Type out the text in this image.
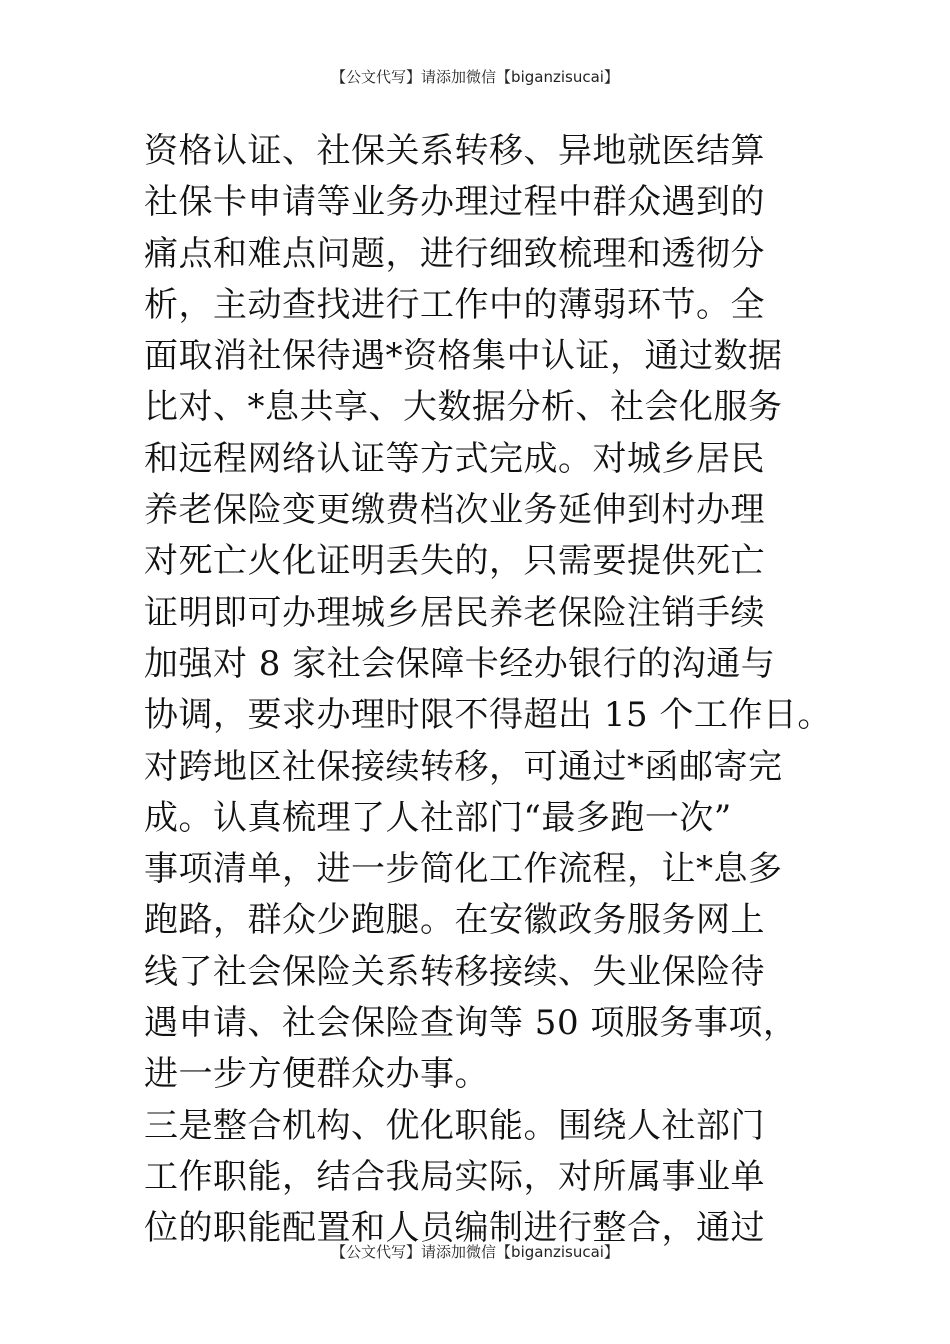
【公文代写】请添加微信【biganzisucai】
资格认证、社保关系转移、异地就医结算
社保卡申请等业务办理过程中群众遇到的
痛点和难点问题，进行细致梳理和透彻分
析，主动查找进行工作中的薄弱环节。全
面取消社保待遇*资格集中认证，通过数据
比对、*息共享、大数据分析、社会化服务
和远程网络认证等方式完成。对城乡居民
养老保险变更缴费档次业务延伸到村办理
对死亡火化证明丢失的，只需要提供死亡
证明即可办理城乡居民养老保险注销手续
加强对 8 家社会保障卡经办银行的沟通与
协调，要求办理时限不得超出 15 个工作日。
对跨地区社保接续转移，可通过*函邮寄完
成。认真梳理了人社部门“最多跑一次”
事项清单，进一步简化工作流程，让*息多
跑路，群众少跑腿。在安徽政务服务网上
线了社会保险关系转移接续、失业保险待
遇申请、社会保险查询等 50 项服务事项，
进一步方便群众办事。
三是整合机构、优化职能。围绕人社部门
工作职能，结合我局实际，对所属事业单
位的职能配置和人员编制进行整合，通过
【公文代写】请添加微信【biganzisucai】
